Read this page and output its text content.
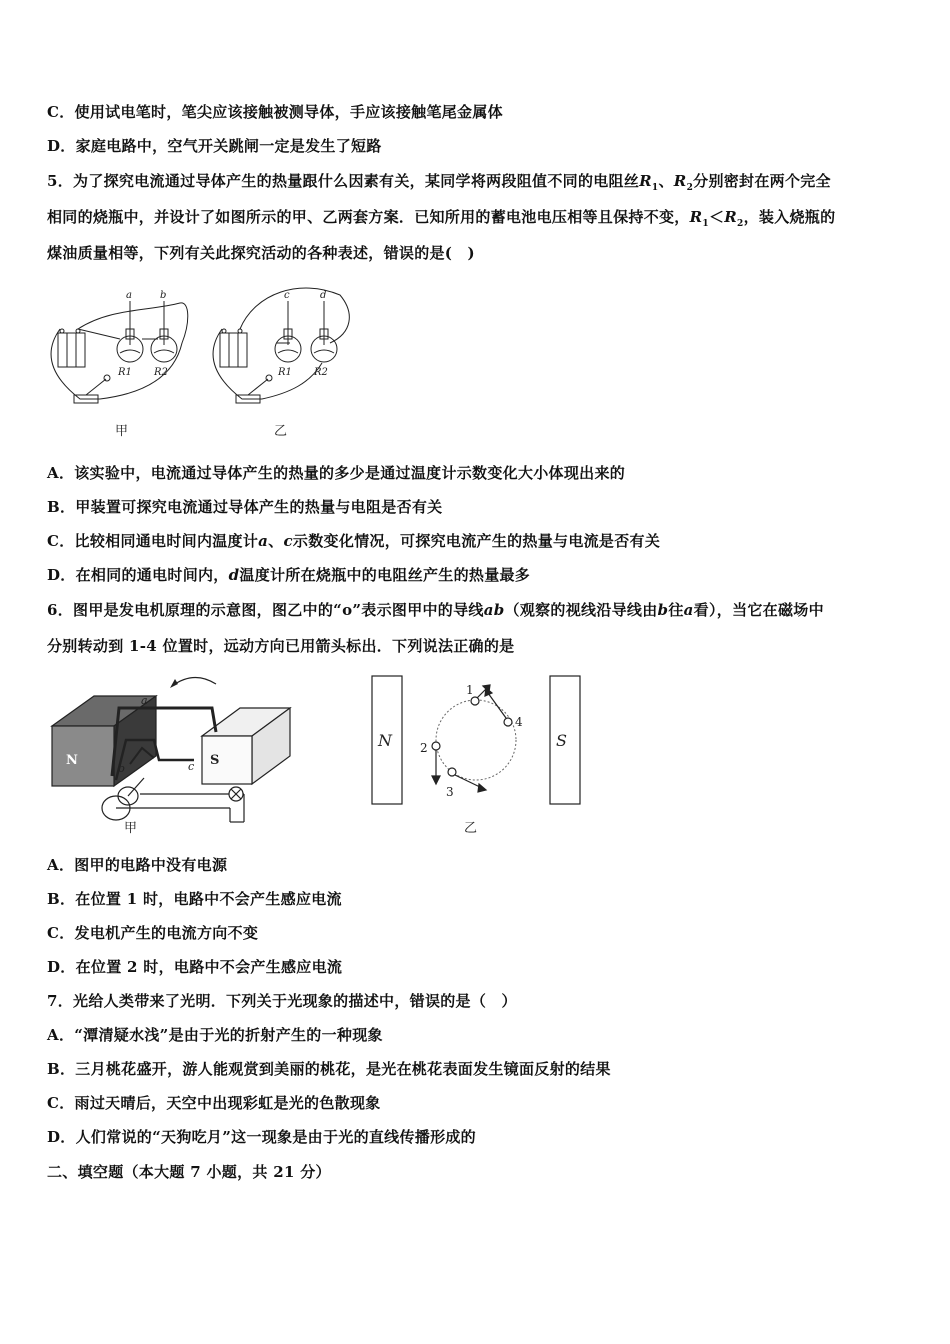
C．使用试电笔时，笔尖应该接触被测导体，手应该接触笔尾金属体
D．家庭电路中，空气开关跳闸一定是发生了短路
5．为了探究电流通过导体产生的热量跟什么因素有关，某同学将两段阻值不同的电阻丝$R_1$、$R_2$分别密封在两个完全
相同的烧瓶中，并设计了如图所示的甲、乙两套方案．已知所用的蓄电池电压相等且保持不变，$R_1<R_2$，装入烧瓶的
煤油质量相等，下列有关此探究活动的各种表述，错误的是(　)
a	b	c	d
R1 R2	R1 R2
甲	乙
A．该实验中，电流通过导体产生的热量的多少是通过温度计示数变化大小体现出来的
B．甲装置可探究电流通过导体产生的热量与电阻是否有关
C．比较相同通电时间内温度计a、c示数变化情况，可探究电流产生的热量与电流是否有关
D．在相同的通电时间内，d温度计所在烧瓶中的电阻丝产生的热量最多
6．图甲是发电机原理的示意图，图乙中的“o”表示图甲中的导线ab（观察的视线沿导线由b往a看），当它在磁场中
分别转动到 1-4 位置时，远动方向已用箭头标出．下列说法正确的是
N	S
a
b	c
甲
1
2
3
4
N	S
乙
A．图甲的电路中没有电源
B．在位置 1 时，电路中不会产生感应电流
C．发电机产生的电流方向不变
D．在位置 2 时，电路中不会产生感应电流
7．光给人类带来了光明．下列关于光现象的描述中，错误的是（　）
A．“潭清疑水浅”是由于光的折射产生的一种现象
B．三月桃花盛开，游人能观赏到美丽的桃花，是光在桃花表面发生镜面反射的结果
C．雨过天晴后，天空中出现彩虹是光的色散现象
D．人们常说的“天狗吃月”这一现象是由于光的直线传播形成的
二、填空题（本大题 7 小题，共 21 分）
